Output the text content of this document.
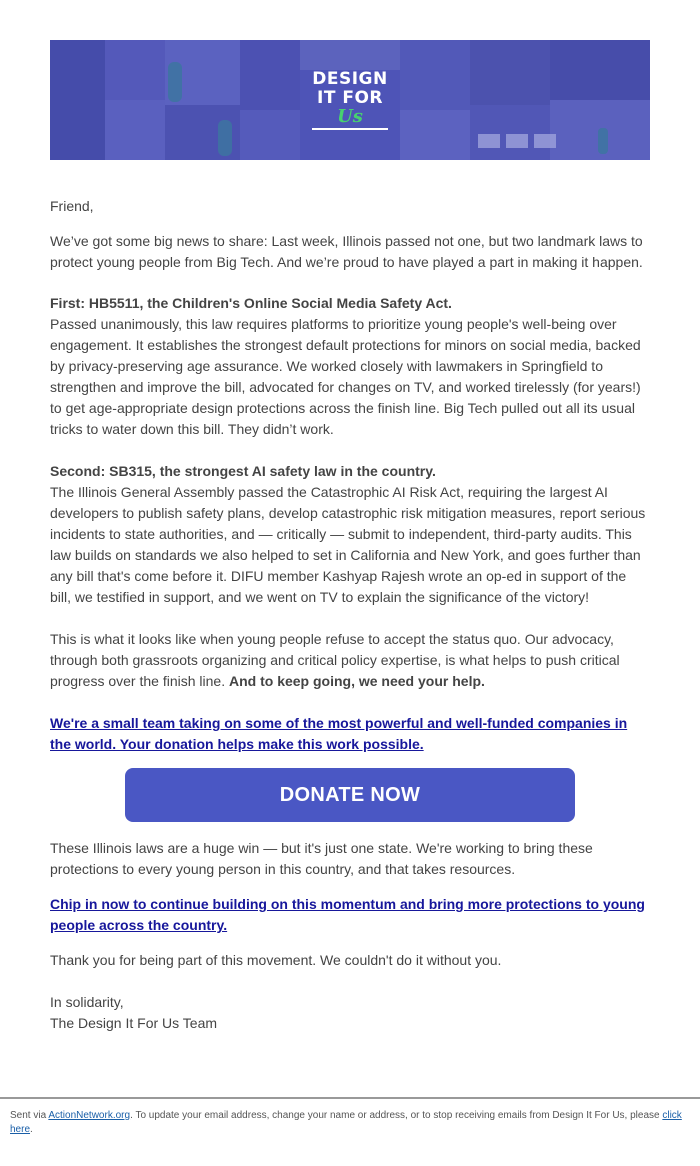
DESIGN
IT FOR
Us

Friend,

We’ve got some big news to share: Last week, Illinois passed not one, but two landmark laws to protect young people from Big Tech. And we’re proud to have played a part in making it happen.

First: HB5511, the Children's Online Social Media Safety Act.

Passed unanimously, this law requires platforms to prioritize young people's well-being over engagement. It establishes the strongest default protections for minors on social media, backed by privacy-preserving age assurance. We worked closely with lawmakers in Springfield to strengthen and improve the bill, advocated for changes on TV, and worked tirelessly (for years!) to get age-appropriate design protections across the finish line. Big Tech pulled out all its usual tricks to water down this bill. They didn’t work.

Second: SB315, the strongest AI safety law in the country.

The Illinois General Assembly passed the Catastrophic AI Risk Act, requiring the largest AI developers to publish safety plans, develop catastrophic risk mitigation measures, report serious incidents to state authorities, and — critically — submit to independent, third-party audits. This law builds on standards we also helped to set in California and New York, and goes further than any bill that's come before it. DIFU member Kashyap Rajesh wrote an op-ed in support of the bill, we testified in support, and we went on TV to explain the significance of the victory!

This is what it looks like when young people refuse to accept the status quo. Our advocacy, through both grassroots organizing and critical policy expertise, is what helps to push critical progress over the finish line. And to keep going, we need your help.

We're a small team taking on some of the most powerful and well-funded companies in the world. Your donation helps make this work possible.

DONATE NOW

These Illinois laws are a huge win — but it's just one state. We're working to bring these protections to every young person in this country, and that takes resources.

Chip in now to continue building on this momentum and bring more protections to young people across the country.

Thank you for being part of this movement. We couldn't do it without you.

In solidarity,

The Design It For Us Team

Sent via ActionNetwork.org. To update your email address, change your name or address, or to stop receiving emails from Design It For Us, please click here.
